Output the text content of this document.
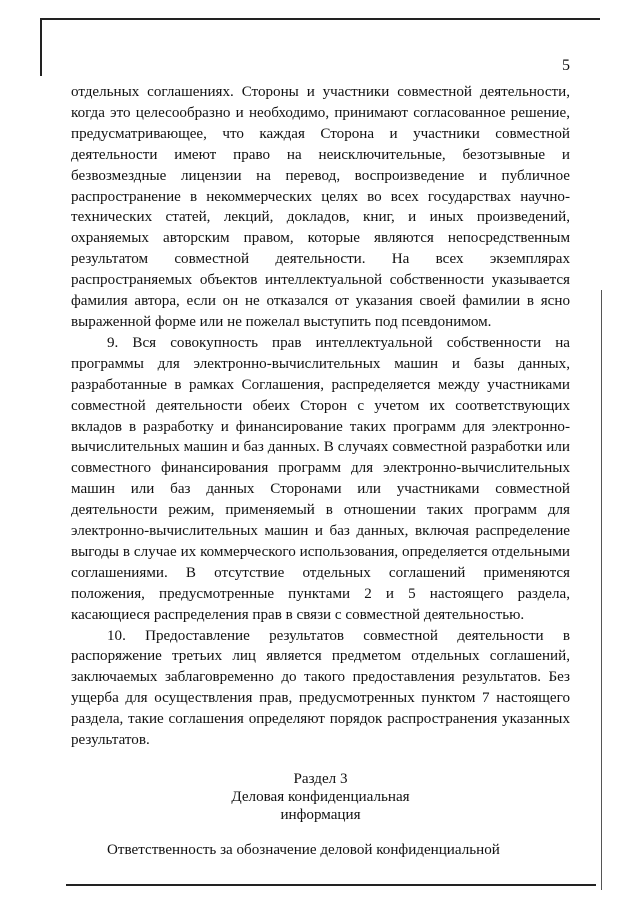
5

отдельных соглашениях. Стороны и участники совместной деятельности, когда это целесообразно и необходимо, принимают согласованное решение, предусматривающее, что каждая Сторона и участники совместной деятельности имеют право на неисключительные, безотзывные и безвозмездные лицензии на перевод, воспроизведение и публичное распространение в некоммерческих целях во всех государствах научно-технических статей, лекций, докладов, книг, и иных произведений, охраняемых авторским правом, которые являются непосредственным результатом совместной деятельности. На всех экземплярах распространяемых объектов интеллектуальной собственности указывается фамилия автора, если он не отказался от указания своей фамилии в ясно выраженной форме или не пожелал выступить под псевдонимом.

9. Вся совокупность прав интеллектуальной собственности на программы для электронно-вычислительных машин и базы данных, разработанные в рамках Соглашения, распределяется между участниками совместной деятельности обеих Сторон с учетом их соответствующих вкладов в разработку и финансирование таких программ для электронно-вычислительных машин и баз данных. В случаях совместной разработки или совместного финансирования программ для электронно-вычислительных машин или баз данных Сторонами или участниками совместной деятельности режим, применяемый в отношении таких программ для электронно-вычислительных машин и баз данных, включая распределение выгоды в случае их коммерческого использования, определяется отдельными соглашениями. В отсутствие отдельных соглашений применяются положения, предусмотренные пунктами 2 и 5 настоящего раздела, касающиеся распределения прав в связи с совместной деятельностью.

10. Предоставление результатов совместной деятельности в распоряжение третьих лиц является предметом отдельных соглашений, заключаемых заблаговременно до такого предоставления результатов. Без ущерба для осуществления прав, предусмотренных пунктом 7 настоящего раздела, такие соглашения определяют порядок распространения указанных результатов.

Раздел 3
Деловая конфиденциальная
информация

Ответственность за обозначение деловой конфиденциальной
